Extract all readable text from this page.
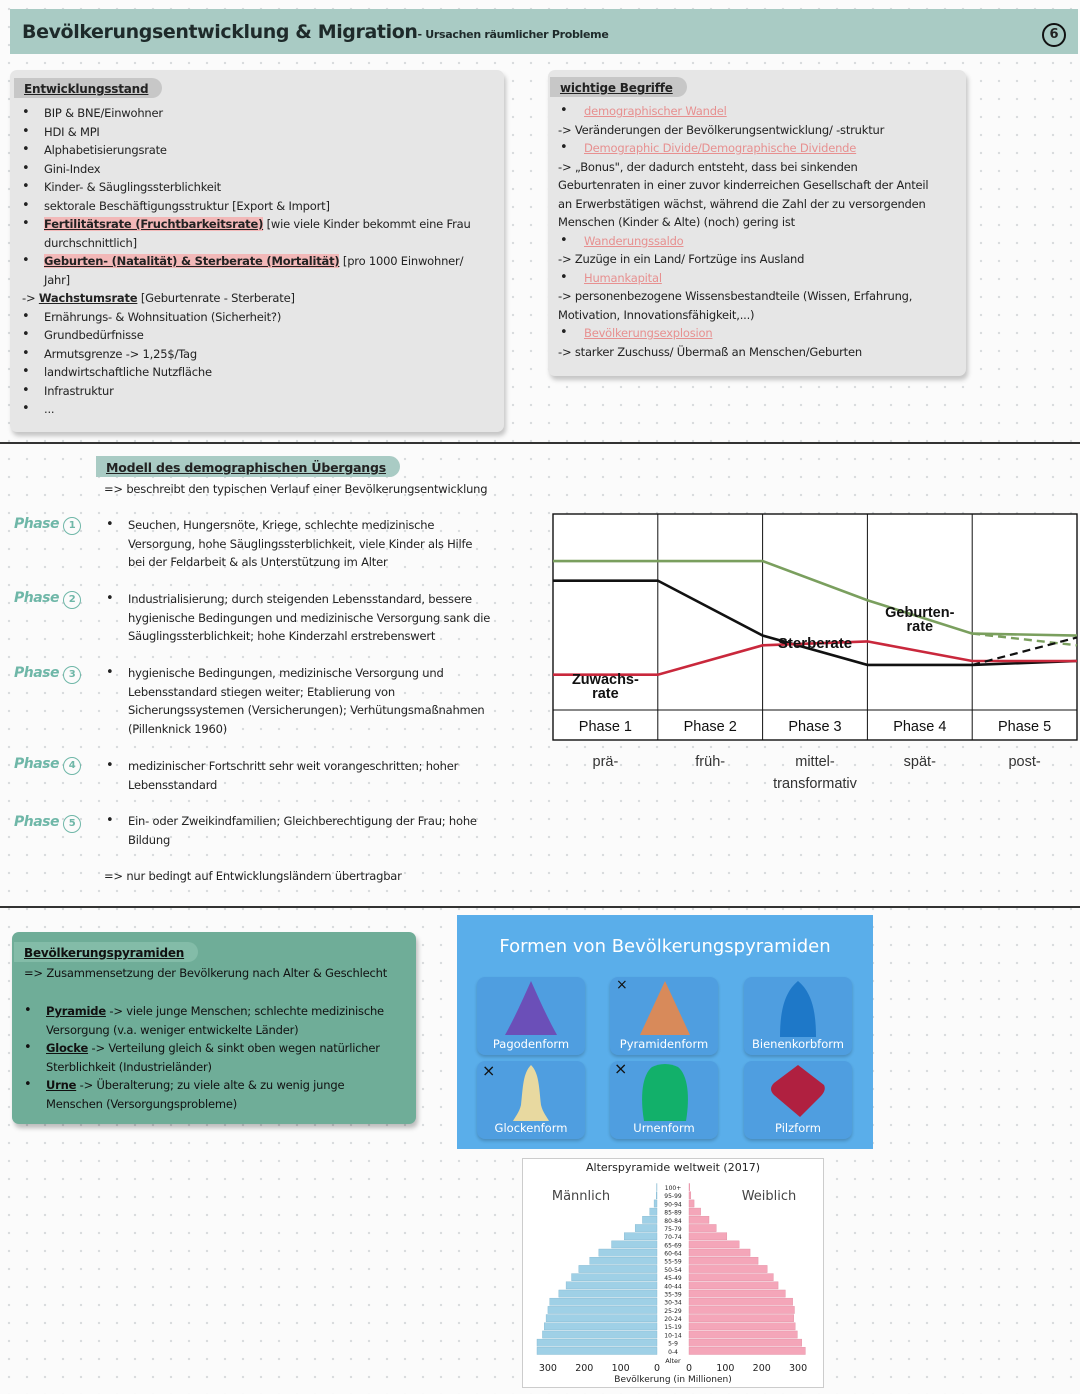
Bevölkerungsentwicklung & Migration- Ursachen räumlicher Probleme	6
Entwicklungsstand
• BIP & BNE/Einwohner
• HDI & MPI
• Alphabetisierungsrate
• Gini-Index
• Kinder- & Säuglingssterblichkeit
• sektorale Beschäftigungsstruktur [Export & Import]
• Fertilitätsrate (Fruchtbarkeitsrate) [wie viele Kinder bekommt eine Frau
durchschnittlich]
• Geburten- (Natalität) & Sterberate (Mortalität) [pro 1000 Einwohner/
Jahr]
-> Wachstumsrate [Geburtenrate - Sterberate]
• Ernährungs- & Wohnsituation (Sicherheit?)
• Grundbedürfnisse
• Armutsgrenze -> 1,25$/Tag
• landwirtschaftliche Nutzfläche
• Infrastruktur
• ...
wichtige Begriffe
• demographischer Wandel
-> Veränderungen der Bevölkerungsentwicklung/ -struktur
• Demographic Divide/Demographische Dividende
-> „Bonus", der dadurch entsteht, dass bei sinkenden
Geburtenraten in einer zuvor kinderreichen Gesellschaft der Anteil
an Erwerbstätigen wächst, während die Zahl der zu versorgenden
Menschen (Kinder & Alte) (noch) gering ist
• Wanderungssaldo
-> Zuzüge in ein Land/ Fortzüge ins Ausland
• Humankapital
-> personenbezogene Wissensbestandteile (Wissen, Erfahrung,
Motivation, Innovationsfähigkeit,...)
• Bevölkerungsexplosion
-> starker Zuschuss/ Übermaß an Menschen/Geburten
Modell des demographischen Übergangs
=> beschreibt den typischen Verlauf einer Bevölkerungsentwicklung
Phase 1	• Seuchen, Hungersnöte, Kriege, schlechte medizinische
Versorgung, hohe Säuglingssterblichkeit, viele Kinder als Hilfe
bei der Feldarbeit & als Unterstützung im Alter
Phase 2	• Industrialisierung; durch steigenden Lebensstandard, bessere
hygienische Bedingungen und medizinische Versorgung sank die
Säuglingssterblichkeit; hohe Kinderzahl erstrebenswert
Phase 3	• hygienische Bedingungen, medizinische Versorgung und
Lebensstandard stiegen weiter; Etablierung von
Sicherungssystemen (Versicherungen); Verhütungsmaßnahmen
(Pillenknick 1960)
Phase 4	• medizinischer Fortschritt sehr weit vorangeschritten; hoher
Lebensstandard
Phase 5	• Ein- oder Zweikindfamilien; Gleichberechtigung der Frau; hohe
Bildung
=> nur bedingt auf Entwicklungsländern übertragbar
Geburten-
rate
Sterberate
Zuwachs-
rate
Phase 1
prä-
Phase 2
früh-
Phase 3
mittel-
Phase 4
spät-
Phase 5
post-
transformativ
Bevölkerungspyramiden
=> Zusammensetzung der Bevölkerung nach Alter & Geschlecht
• Pyramide -> viele junge Menschen; schlechte medizinische
Versorgung (v.a. weniger entwickelte Länder)
• Glocke -> Verteilung gleich & sinkt oben wegen natürlicher
Sterblichkeit (Industrieländer)
• Urne -> Überalterung; zu viele alte & zu wenig junge
Menschen (Versorgungsprobleme)
Formen von Bevölkerungspyramiden
Pagodenform	Pyramidenform	Bienenkorbform
Glockenform	Urnenform	Pilzform
×
×	×
Alterspyramide weltweit (2017)
Männlich	Weiblich
0-4
5-9
10-14
15-19
20-24
25-29
30-34
35-39
40-44
45-49
50-54
55-59
60-64
65-69
70-74
75-79
80-84
85-89
90-94
95-99
100+
Alter
300 200 100	0	0	100 200 300
Bevölkerung (in Millionen)
